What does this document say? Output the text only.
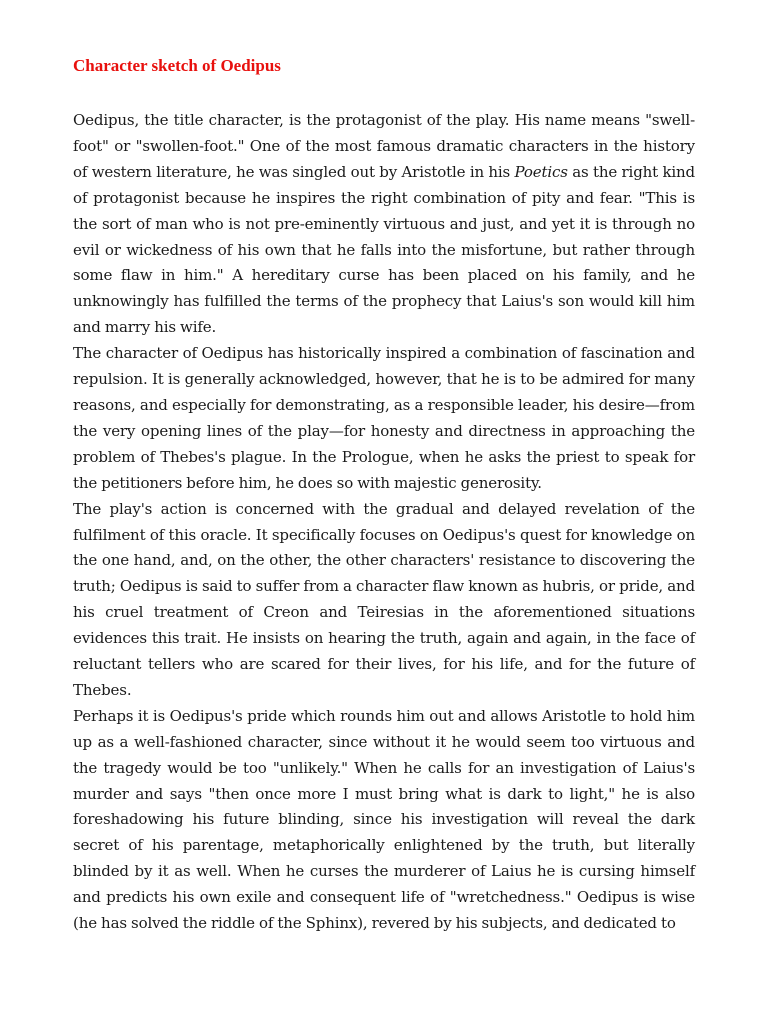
Character sketch of Oedipus

Oedipus, the title character, is the protagonist of the play. His name means "swell-foot" or "swollen-foot." One of the most famous dramatic characters in the history of western literature, he was singled out by Aristotle in his Poetics as the right kind of protagonist because he inspires the right combination of pity and fear. "This is the sort of man who is not pre-eminently virtuous and just, and yet it is through no evil or wickedness of his own that he falls into the misfortune, but rather through some flaw in him." A hereditary curse has been placed on his family, and he unknowingly has fulfilled the terms of the prophecy that Laius's son would kill him and marry his wife.

The character of Oedipus has historically inspired a combination of fascination and repulsion. It is generally acknowledged, however, that he is to be admired for many reasons, and especially for demonstrating, as a responsible leader, his desire—from the very opening lines of the play—for honesty and directness in approaching the problem of Thebes's plague. In the Prologue, when he asks the priest to speak for the petitioners before him, he does so with majestic generosity.

The play's action is concerned with the gradual and delayed revelation of the fulfilment of this oracle. It specifically focuses on Oedipus's quest for knowledge on the one hand, and, on the other, the other characters' resistance to discovering the truth; Oedipus is said to suffer from a character flaw known as hubris, or pride, and his cruel treatment of Creon and Teiresias in the aforementioned situations evidences this trait. He insists on hearing the truth, again and again, in the face of reluctant tellers who are scared for their lives, for his life, and for the future of Thebes.

Perhaps it is Oedipus's pride which rounds him out and allows Aristotle to hold him up as a well-fashioned character, since without it he would seem too virtuous and the tragedy would be too "unlikely." When he calls for an investigation of Laius's murder and says "then once more I must bring what is dark to light," he is also foreshadowing his future blinding, since his investigation will reveal the dark secret of his parentage, metaphorically enlightened by the truth, but literally blinded by it as well. When he curses the murderer of Laius he is cursing himself and predicts his own exile and consequent life of "wretchedness." Oedipus is wise (he has solved the riddle of the Sphinx), revered by his subjects, and dedicated to
